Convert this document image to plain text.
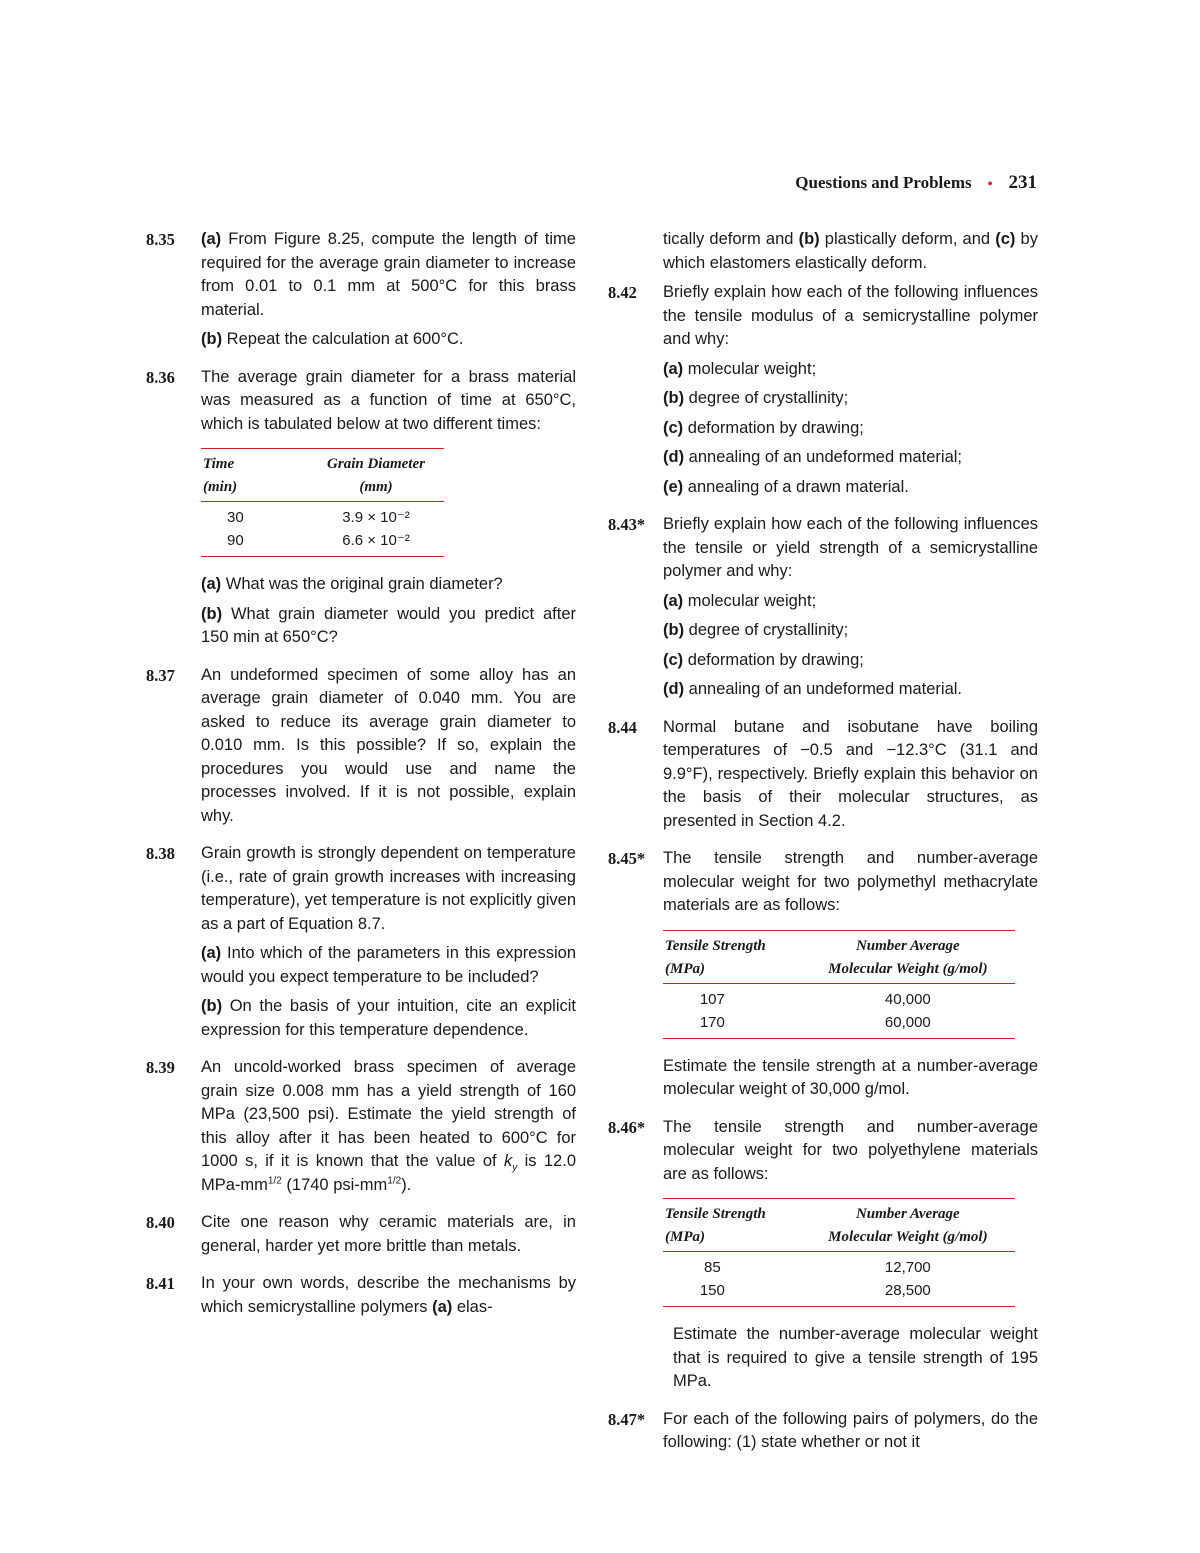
Questions and Problems • 231
8.35	(a) From Figure 8.25, compute the length of time required for the average grain diameter to increase from 0.01 to 0.1 mm at 500°C for this brass material.

(b) Repeat the calculation at 600°C.

8.36	The average grain diameter for a brass material was measured as a function of time at 650°C, which is tabulated below at two different times:

Time	Grain Diameter
(min)	(mm)
30	3.9 × 10⁻²
90	6.6 × 10⁻²

(a) What was the original grain diameter?

(b) What grain diameter would you predict after 150 min at 650°C?

8.37	An undeformed specimen of some alloy has an average grain diameter of 0.040 mm. You are asked to reduce its average grain diameter to 0.010 mm. Is this possible? If so, explain the procedures you would use and name the processes involved. If it is not possible, explain why.

8.38	Grain growth is strongly dependent on temperature (i.e., rate of grain growth increases with increasing temperature), yet temperature is not explicitly given as a part of Equation 8.7.

(a) Into which of the parameters in this expression would you expect temperature to be included?

(b) On the basis of your intuition, cite an explicit expression for this temperature dependence.

8.39	An uncold-worked brass specimen of average grain size 0.008 mm has a yield strength of 160 MPa (23,500 psi). Estimate the yield strength of this alloy after it has been heated to 600°C for 1000 s, if it is known that the value of $k_y$ is 12.0 MPa-$mm^{1/2}$ (1740 psi-$mm^{1/2}$).

8.40	Cite one reason why ceramic materials are, in general, harder yet more brittle than metals.

8.41	In your own words, describe the mechanisms by which semicrystalline polymers (a) elas-

tically deform and (b) plastically deform, and (c) by which elastomers elastically deform.
8.42	Briefly explain how each of the following influences the tensile modulus of a semicrystalline polymer and why:

(a) molecular weight;

(b) degree of crystallinity;

(c) deformation by drawing;

(d) annealing of an undeformed material;

(e) annealing of a drawn material.

8.43*	Briefly explain how each of the following influences the tensile or yield strength of a semicrystalline polymer and why:

(a) molecular weight;

(b) degree of crystallinity;

(c) deformation by drawing;

(d) annealing of an undeformed material.

8.44	Normal butane and isobutane have boiling temperatures of −0.5 and −12.3°C (31.1 and 9.9°F), respectively. Briefly explain this behavior on the basis of their molecular structures, as presented in Section 4.2.

8.45*	The tensile strength and number-average molecular weight for two polymethyl methacrylate materials are as follows:

Tensile Strength	Number Average
(MPa)	Molecular Weight (g/mol)
107	40,000
170	60,000

Estimate the tensile strength at a number-average molecular weight of 30,000 g/mol.

8.46*	The tensile strength and number-average molecular weight for two polyethylene materials are as follows:

Tensile Strength	Number Average
(MPa)	Molecular Weight (g/mol)
85	12,700
150	28,500

Estimate the number-average molecular weight that is required to give a tensile strength of 195 MPa.

8.47*	For each of the following pairs of polymers, do the following: (1) state whether or not it
